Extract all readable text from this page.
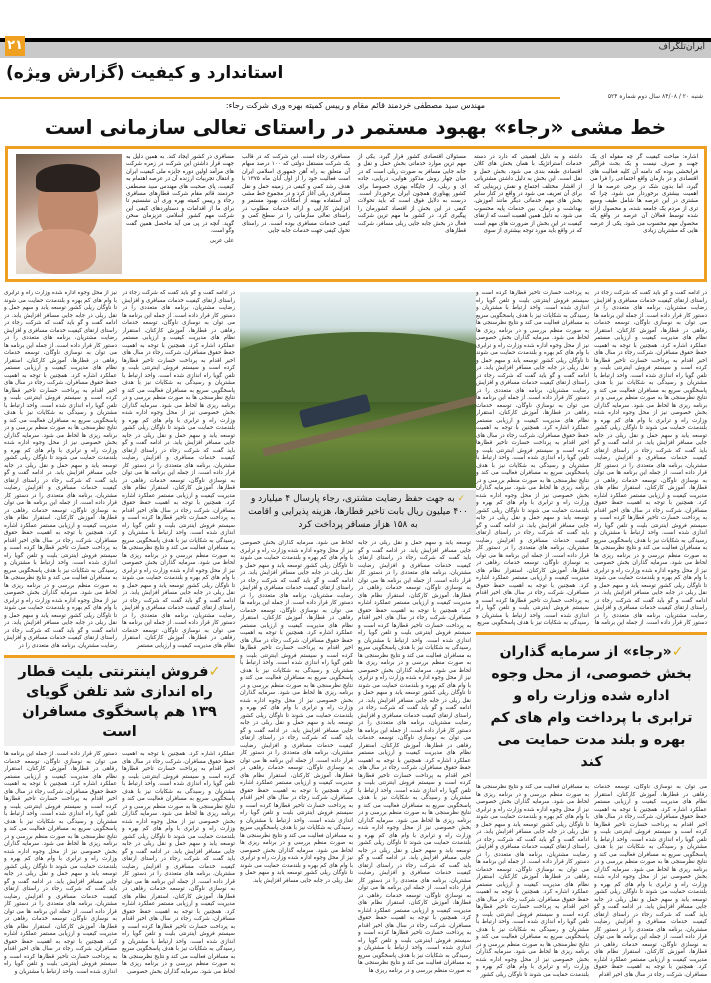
۲۱	ایران‌تلگراف
استاندارد و کیفیت (گزارش ویژه)
شنبه ۲۰ / ۸۴/۰۸ سال دوم شماره ۵۲۴
مهندس سید مصطفی خردمند قائم مقام و رییس کمیته بهره وری شرکت رجاء:
خط مشی «رجاء» بهبود مستمر در راستای تعالی سازمانی است
اشاره: مباحث کیفیت گر چه مقوله ای یک جهت و صرف نیست و یک بحث فراگیر فرابخشی بوده که دامنه آن کلیه فعالیت های اقتصادی و در بازمان واقع اجتماعی را فرا می گیرد، اما بدون شک در برخی عرصه ها از اهمیت بیشتری برخوردار می شود، چرا که مشتری در این عرصه ها شامل طیف وسیع تری از مردم یک جامعه شده، و محصول ارائه شده توسط فعالان آن عرصه در واقع یک محصول مهم محسوب می شود. یکی از عرصه هایی که مشتریان زیادی
داشته و به دلیل اهمیتی که دارد در دسته خدمات استراتژیک با همان بخش های کلان اقتصادی طبقه بندی می شود، بخش حمل و نقل است. این بخش به دلیل داشتن مشتریانی از اقشار مختلف اجتماع و نقش زیربنایی که برای آن تعریف می شود در واقع در کنار سایر بخش های مهم خدماتی دیگر مانند آموزش، بهداشت و درمان، بین خدمات پایه محسوب می شود. به دلیل همین اهمیت است که ارتقای کیفیت در این بخش از ضرورت های مهم است که در واقع باید مورد توجه بیشتری از سوی
مسئولان اقتصادی کشور قرار گیرد. یکی از مهم ترین موارد خدماتی بخش حمل و نقل و جابه جایی مسافر به صورت ریلی است که در میان چهار روش مذکور هوایی، دریایی، جاده ای و ریلی، از جایگاه بهتری خصوصا برای کشور پهناوری همچون ایران برخوردار است. درست به دلایل فوق است که باید تحولات کیفی در این بخش از اقتصاد کشورمان را پیگیری کرد. در کشور ما مهم ترین شرکت فعال در بخش جابه جایی ریلی مسافر، شرکت قطارهای
مسافری رجاء است. این شرکت که در قالب یک شرکت مستقل دولتی که ۱۰۰ درصد سهام آن متعلق به راه آهن جمهوری اسلامی ایران است فعالیت خود را از اول آبان ماه ۱۳۷۵ با هدف رشد کمی و کیفی در زمینه حمل و نقل مسافری ریلی آغاز کرد و در مجموع خط مشی آن استفاده بهینه از امکانات، بهبود مستمر و افزایش کارایی و ارائه خدمات مطلوب در راستای تعالی سازمانی را در سطح کمی و کیفی خدمات مسافری بوده است. در راستای تحول کیفی جهت خدمات جابه جایی
مسافری در کشور ایجاد کند. به همین دلیل به جهت قرار داشتن این شرکت در زمره شرکت های مرآمد اولین دوره جایزه ملی کیفیت ایران و انتقال تجربیات ارزنده آن در عرصه اهتمام به کیفیت، پای صحبت های مهندس سید مصطفی خردمند قائم مقام شرکت قطارهای مسافری رجاء و رییس کمیته بهره وری آن نشستیم تا برای ما از اقدامات و دستاوردهای کیفی این شرکت مهم کشور اسلامی عزیزمان سخن گوید. آنچه در پی می آید ماحصل همین گفت وگو است.
علی عربی
✓ به جهت حفظ رضایت مشتری، رجاء پارسال ۴ میلیارد و ۴۰۰ میلیون ریال بابت تاخیر قطارها، هزینه پذیرایی و اقامت به ۱۵۸ هزار مسافر پرداخت کرد
✓فروش اینترنتی بلیت قطار راه اندازی شد تلفن گویای ۱۳۹ هم پاسخگوی مسافران است
✓«رجاء» از سرمایه گذاران بخش خصوصی، از محل وجوه اداره شده وزارت راه و ترابری با پرداخت وام های کم بهره و بلند مدت حمایت می کند
در ادامه گفت و گو باید گفت که شرکت رجاء در راستای ارتقای کیفیت خدمات مسافری و افزایش رضایت مشتریان، برنامه های متعددی را در دستور کار قرار داده است. از جمله این برنامه ها می توان به نوسازی ناوگان، توسعه خدمات رفاهی در قطارها، آموزش کارکنان، استقرار نظام های مدیریت کیفیت و ارزیابی مستمر عملکرد اشاره کرد. همچنین با توجه به اهمیت حفظ حقوق مسافران، شرکت رجاء در سال های اخیر اقدام به پرداخت خسارت تاخیر قطارها کرده است و سیستم فروش اینترنتی بلیت و تلفن گویا راه اندازی شده است. واحد ارتباط با مشتریان و رسیدگی به شکایات نیز با هدف پاسخگویی سریع به مسافران فعالیت می کند و نتایج نظرسنجی ها به صورت منظم بررسی و در برنامه ریزی ها لحاظ می شود. سرمایه گذاران بخش خصوصی نیز از محل وجوه اداره شده وزارت راه و ترابری با وام های کم بهره و بلندمدت حمایت می شوند تا ناوگان ریلی کشور توسعه یابد و سهم حمل و نقل ریلی در جابه جایی مسافر افزایش یابد. در ادامه گفت و گو باید گفت که شرکت رجاء در راستای ارتقای کیفیت خدمات مسافری و افزایش رضایت مشتریان، برنامه های متعددی را در دستور کار قرار داده است. از جمله این برنامه ها می توان به نوسازی ناوگان، توسعه خدمات رفاهی در قطارها، آموزش کارکنان، استقرار نظام های مدیریت کیفیت و ارزیابی مستمر عملکرد اشاره کرد. همچنین با توجه به اهمیت حفظ حقوق مسافران، شرکت رجاء در سال های اخیر اقدام به پرداخت خسارت تاخیر قطارها کرده است و سیستم فروش اینترنتی بلیت و تلفن گویا راه اندازی شده است. واحد ارتباط با مشتریان و رسیدگی به شکایات نیز با هدف پاسخگویی سریع به مسافران فعالیت می کند و نتایج نظرسنجی ها به صورت منظم بررسی و در برنامه ریزی ها لحاظ می شود. سرمایه گذاران بخش خصوصی نیز از محل وجوه اداره شده وزارت راه و ترابری با وام های کم بهره و بلندمدت حمایت می شوند تا ناوگان ریلی کشور توسعه یابد و سهم حمل و نقل ریلی در جابه جایی مسافر افزایش یابد. در ادامه گفت و گو باید گفت که شرکت رجاء در راستای ارتقای کیفیت خدمات مسافری و افزایش رضایت مشتریان، برنامه های متعددی را در دستور کار قرار داده است. از جمله این برنامه ها
می توان به نوسازی ناوگان، توسعه خدمات رفاهی در قطارها، آموزش کارکنان، استقرار نظام های مدیریت کیفیت و ارزیابی مستمر عملکرد اشاره کرد. همچنین با توجه به اهمیت حفظ حقوق مسافران، شرکت رجاء در سال های اخیر اقدام به پرداخت خسارت تاخیر قطارها کرده است و سیستم فروش اینترنتی بلیت و تلفن گویا راه اندازی شده است. واحد ارتباط با مشتریان و رسیدگی به شکایات نیز با هدف پاسخگویی سریع به مسافران فعالیت می کند و نتایج نظرسنجی ها به صورت منظم بررسی و در برنامه ریزی ها لحاظ می شود. سرمایه گذاران بخش خصوصی نیز از محل وجوه اداره شده وزارت راه و ترابری با وام های کم بهره و بلندمدت حمایت می شوند تا ناوگان ریلی کشور توسعه یابد و سهم حمل و نقل ریلی در جابه جایی مسافر افزایش یابد. در ادامه گفت و گو باید گفت که شرکت رجاء در راستای ارتقای کیفیت خدمات مسافری و افزایش رضایت مشتریان، برنامه های متعددی را در دستور کار قرار داده است. از جمله این برنامه ها می توان به نوسازی ناوگان، توسعه خدمات رفاهی در قطارها، آموزش کارکنان، استقرار نظام های مدیریت کیفیت و ارزیابی مستمر عملکرد اشاره کرد. همچنین با توجه به اهمیت حفظ حقوق مسافران، شرکت رجاء در سال های اخیر اقدام
به پرداخت خسارت تاخیر قطارها کرده است و سیستم فروش اینترنتی بلیت و تلفن گویا راه اندازی شده است. واحد ارتباط با مشتریان و رسیدگی به شکایات نیز با هدف پاسخگویی سریع به مسافران فعالیت می کند و نتایج نظرسنجی ها به صورت منظم بررسی و در برنامه ریزی ها لحاظ می شود. سرمایه گذاران بخش خصوصی نیز از محل وجوه اداره شده وزارت راه و ترابری با وام های کم بهره و بلندمدت حمایت می شوند تا ناوگان ریلی کشور توسعه یابد و سهم حمل و نقل ریلی در جابه جایی مسافر افزایش یابد. در ادامه گفت و گو باید گفت که شرکت رجاء در راستای ارتقای کیفیت خدمات مسافری و افزایش رضایت مشتریان، برنامه های متعددی را در دستور کار قرار داده است. از جمله این برنامه ها می توان به نوسازی ناوگان، توسعه خدمات رفاهی در قطارها، آموزش کارکنان، استقرار نظام های مدیریت کیفیت و ارزیابی مستمر عملکرد اشاره کرد. همچنین با توجه به اهمیت حفظ حقوق مسافران، شرکت رجاء در سال های اخیر اقدام به پرداخت خسارت تاخیر قطارها کرده است و سیستم فروش اینترنتی بلیت و تلفن گویا راه اندازی شده است. واحد ارتباط با مشتریان و رسیدگی به شکایات نیز با هدف پاسخگویی سریع به مسافران فعالیت می کند و نتایج نظرسنجی ها به صورت منظم بررسی و در برنامه ریزی ها لحاظ می شود. سرمایه گذاران بخش خصوصی نیز از محل وجوه اداره شده وزارت راه و ترابری با وام های کم بهره و بلندمدت حمایت می شوند تا ناوگان ریلی کشور توسعه یابد و سهم حمل و نقل ریلی در جابه جایی مسافر افزایش یابد. در ادامه گفت و گو باید گفت که شرکت رجاء در راستای ارتقای کیفیت خدمات مسافری و افزایش رضایت مشتریان، برنامه های متعددی را در دستور کار قرار داده است. از جمله این برنامه ها می توان به نوسازی ناوگان، توسعه خدمات رفاهی در قطارها، آموزش کارکنان، استقرار نظام های مدیریت کیفیت و ارزیابی مستمر عملکرد اشاره کرد. همچنین با توجه به اهمیت حفظ حقوق مسافران، شرکت رجاء در سال های اخیر اقدام به پرداخت خسارت تاخیر قطارها کرده است و سیستم فروش اینترنتی بلیت و تلفن گویا راه اندازی شده است. واحد ارتباط با مشتریان و رسیدگی به شکایات نیز با هدف پاسخگویی سریع
به مسافران فعالیت می کند و نتایج نظرسنجی ها به صورت منظم بررسی و در برنامه ریزی ها لحاظ می شود. سرمایه گذاران بخش خصوصی نیز از محل وجوه اداره شده وزارت راه و ترابری با وام های کم بهره و بلندمدت حمایت می شوند تا ناوگان ریلی کشور توسعه یابد و سهم حمل و نقل ریلی در جابه جایی مسافر افزایش یابد. در ادامه گفت و گو باید گفت که شرکت رجاء در راستای ارتقای کیفیت خدمات مسافری و افزایش رضایت مشتریان، برنامه های متعددی را در دستور کار قرار داده است. از جمله این برنامه ها می توان به نوسازی ناوگان، توسعه خدمات رفاهی در قطارها، آموزش کارکنان، استقرار نظام های مدیریت کیفیت و ارزیابی مستمر عملکرد اشاره کرد. همچنین با توجه به اهمیت حفظ حقوق مسافران، شرکت رجاء در سال های اخیر اقدام به پرداخت خسارت تاخیر قطارها کرده است و سیستم فروش اینترنتی بلیت و تلفن گویا راه اندازی شده است. واحد ارتباط با مشتریان و رسیدگی به شکایات نیز با هدف پاسخگویی سریع به مسافران فعالیت می کند و نتایج نظرسنجی ها به صورت منظم بررسی و در برنامه ریزی ها لحاظ می شود. سرمایه گذاران بخش خصوصی نیز از محل وجوه اداره شده وزارت راه و ترابری با وام های کم بهره و بلندمدت حمایت می شوند تا ناوگان ریلی کشور
توسعه یابد و سهم حمل و نقل ریلی در جابه جایی مسافر افزایش یابد. در ادامه گفت و گو باید گفت که شرکت رجاء در راستای ارتقای کیفیت خدمات مسافری و افزایش رضایت مشتریان، برنامه های متعددی را در دستور کار قرار داده است. از جمله این برنامه ها می توان به نوسازی ناوگان، توسعه خدمات رفاهی در قطارها، آموزش کارکنان، استقرار نظام های مدیریت کیفیت و ارزیابی مستمر عملکرد اشاره کرد. همچنین با توجه به اهمیت حفظ حقوق مسافران، شرکت رجاء در سال های اخیر اقدام به پرداخت خسارت تاخیر قطارها کرده است و سیستم فروش اینترنتی بلیت و تلفن گویا راه اندازی شده است. واحد ارتباط با مشتریان و رسیدگی به شکایات نیز با هدف پاسخگویی سریع به مسافران فعالیت می کند و نتایج نظرسنجی ها به صورت منظم بررسی و در برنامه ریزی ها لحاظ می شود. سرمایه گذاران بخش خصوصی نیز از محل وجوه اداره شده وزارت راه و ترابری با وام های کم بهره و بلندمدت حمایت می شوند تا ناوگان ریلی کشور توسعه یابد و سهم حمل و نقل ریلی در جابه جایی مسافر افزایش یابد. در ادامه گفت و گو باید گفت که شرکت رجاء در راستای ارتقای کیفیت خدمات مسافری و افزایش رضایت مشتریان، برنامه های متعددی را در دستور کار قرار داده است. از جمله این برنامه ها می توان به نوسازی ناوگان، توسعه خدمات رفاهی در قطارها، آموزش کارکنان، استقرار نظام های مدیریت کیفیت و ارزیابی مستمر عملکرد اشاره کرد. همچنین با توجه به اهمیت حفظ حقوق مسافران، شرکت رجاء در سال های اخیر اقدام به پرداخت خسارت تاخیر قطارها کرده است و سیستم فروش اینترنتی بلیت و تلفن گویا راه اندازی شده است. واحد ارتباط با مشتریان و رسیدگی به شکایات نیز با هدف پاسخگویی سریع به مسافران فعالیت می کند و نتایج نظرسنجی ها به صورت منظم بررسی و در برنامه ریزی ها لحاظ می شود. سرمایه گذاران بخش خصوصی نیز از محل وجوه اداره شده وزارت راه و ترابری با وام های کم بهره و بلندمدت حمایت می شوند تا ناوگان ریلی کشور توسعه یابد و سهم حمل و نقل ریلی در جابه جایی مسافر افزایش یابد. در ادامه گفت و گو باید گفت که شرکت رجاء در راستای ارتقای کیفیت خدمات مسافری و افزایش رضایت مشتریان، برنامه های متعددی را در دستور کار قرار داده است. از جمله این برنامه ها می توان به نوسازی ناوگان، توسعه خدمات رفاهی در قطارها، آموزش کارکنان، استقرار نظام های مدیریت کیفیت و ارزیابی مستمر عملکرد اشاره کرد. همچنین با توجه به اهمیت حفظ حقوق مسافران، شرکت رجاء در سال های اخیر اقدام به پرداخت خسارت تاخیر قطارها کرده است و سیستم فروش اینترنتی بلیت و تلفن گویا راه اندازی شده است. واحد ارتباط با مشتریان و رسیدگی به شکایات نیز با هدف پاسخگویی سریع به مسافران فعالیت می کند و نتایج نظرسنجی ها به صورت منظم بررسی و در برنامه ریزی ها
لحاظ می شود. سرمایه گذاران بخش خصوصی نیز از محل وجوه اداره شده وزارت راه و ترابری با وام های کم بهره و بلندمدت حمایت می شوند تا ناوگان ریلی کشور توسعه یابد و سهم حمل و نقل ریلی در جابه جایی مسافر افزایش یابد. در ادامه گفت و گو باید گفت که شرکت رجاء در راستای ارتقای کیفیت خدمات مسافری و افزایش رضایت مشتریان، برنامه های متعددی را در دستور کار قرار داده است. از جمله این برنامه ها می توان به نوسازی ناوگان، توسعه خدمات رفاهی در قطارها، آموزش کارکنان، استقرار نظام های مدیریت کیفیت و ارزیابی مستمر عملکرد اشاره کرد. همچنین با توجه به اهمیت حفظ حقوق مسافران، شرکت رجاء در سال های اخیر اقدام به پرداخت خسارت تاخیر قطارها کرده است و سیستم فروش اینترنتی بلیت و تلفن گویا راه اندازی شده است. واحد ارتباط با مشتریان و رسیدگی به شکایات نیز با هدف پاسخگویی سریع به مسافران فعالیت می کند و نتایج نظرسنجی ها به صورت منظم بررسی و در برنامه ریزی ها لحاظ می شود. سرمایه گذاران بخش خصوصی نیز از محل وجوه اداره شده وزارت راه و ترابری با وام های کم بهره و بلندمدت حمایت می شوند تا ناوگان ریلی کشور توسعه یابد و سهم حمل و نقل ریلی در جابه جایی مسافر افزایش یابد. در ادامه گفت و گو باید گفت که شرکت رجاء در راستای ارتقای کیفیت خدمات مسافری و افزایش رضایت مشتریان، برنامه های متعددی را در دستور کار قرار داده است. از جمله این برنامه ها می توان به نوسازی ناوگان، توسعه خدمات رفاهی در قطارها، آموزش کارکنان، استقرار نظام های مدیریت کیفیت و ارزیابی مستمر عملکرد اشاره کرد. همچنین با توجه به اهمیت حفظ حقوق مسافران، شرکت رجاء در سال های اخیر اقدام به پرداخت خسارت تاخیر قطارها کرده است و سیستم فروش اینترنتی بلیت و تلفن گویا راه اندازی شده است. واحد ارتباط با مشتریان و رسیدگی به شکایات نیز با هدف پاسخگویی سریع به مسافران فعالیت می کند و نتایج نظرسنجی ها به صورت منظم بررسی و در برنامه ریزی ها لحاظ می شود. سرمایه گذاران بخش خصوصی نیز از محل وجوه اداره شده وزارت راه و ترابری با وام های کم بهره و بلندمدت حمایت می شوند تا ناوگان ریلی کشور توسعه یابد و سهم حمل و نقل ریلی در جابه جایی مسافر افزایش یابد.
در ادامه گفت و گو باید گفت که شرکت رجاء در راستای ارتقای کیفیت خدمات مسافری و افزایش رضایت مشتریان، برنامه های متعددی را در دستور کار قرار داده است. از جمله این برنامه ها می توان به نوسازی ناوگان، توسعه خدمات رفاهی در قطارها، آموزش کارکنان، استقرار نظام های مدیریت کیفیت و ارزیابی مستمر عملکرد اشاره کرد. همچنین با توجه به اهمیت حفظ حقوق مسافران، شرکت رجاء در سال های اخیر اقدام به پرداخت خسارت تاخیر قطارها کرده است و سیستم فروش اینترنتی بلیت و تلفن گویا راه اندازی شده است. واحد ارتباط با مشتریان و رسیدگی به شکایات نیز با هدف پاسخگویی سریع به مسافران فعالیت می کند و نتایج نظرسنجی ها به صورت منظم بررسی و در برنامه ریزی ها لحاظ می شود. سرمایه گذاران بخش خصوصی نیز از محل وجوه اداره شده وزارت راه و ترابری با وام های کم بهره و بلندمدت حمایت می شوند تا ناوگان ریلی کشور توسعه یابد و سهم حمل و نقل ریلی در جابه جایی مسافر افزایش یابد. در ادامه گفت و گو باید گفت که شرکت رجاء در راستای ارتقای کیفیت خدمات مسافری و افزایش رضایت مشتریان، برنامه های متعددی را در دستور کار قرار داده است. از جمله این برنامه ها می توان به نوسازی ناوگان، توسعه خدمات رفاهی در قطارها، آموزش کارکنان، استقرار نظام های مدیریت کیفیت و ارزیابی مستمر عملکرد اشاره کرد. همچنین با توجه به اهمیت حفظ حقوق مسافران، شرکت رجاء در سال های اخیر اقدام به پرداخت خسارت تاخیر قطارها کرده است و سیستم فروش اینترنتی بلیت و تلفن گویا راه اندازی شده است. واحد ارتباط با مشتریان و رسیدگی به شکایات نیز با هدف پاسخگویی سریع به مسافران فعالیت می کند و نتایج نظرسنجی ها به صورت منظم بررسی و در برنامه ریزی ها لحاظ می شود. سرمایه گذاران بخش خصوصی نیز از محل وجوه اداره شده وزارت راه و ترابری با وام های کم بهره و بلندمدت حمایت می شوند تا ناوگان ریلی کشور توسعه یابد و سهم حمل و نقل ریلی در جابه جایی مسافر افزایش یابد. در ادامه گفت و گو باید گفت که شرکت رجاء در راستای ارتقای کیفیت خدمات مسافری و افزایش رضایت مشتریان، برنامه های متعددی را در دستور کار قرار داده است. از جمله این برنامه ها می توان به نوسازی ناوگان، توسعه خدمات رفاهی در قطارها، آموزش کارکنان، استقرار نظام های مدیریت کیفیت و ارزیابی مستمر
عملکرد اشاره کرد. همچنین با توجه به اهمیت حفظ حقوق مسافران، شرکت رجاء در سال های اخیر اقدام به پرداخت خسارت تاخیر قطارها کرده است و سیستم فروش اینترنتی بلیت و تلفن گویا راه اندازی شده است. واحد ارتباط با مشتریان و رسیدگی به شکایات نیز با هدف پاسخگویی سریع به مسافران فعالیت می کند و نتایج نظرسنجی ها به صورت منظم بررسی و در برنامه ریزی ها لحاظ می شود. سرمایه گذاران بخش خصوصی نیز از محل وجوه اداره شده وزارت راه و ترابری با وام های کم بهره و بلندمدت حمایت می شوند تا ناوگان ریلی کشور توسعه یابد و سهم حمل و نقل ریلی در جابه جایی مسافر افزایش یابد. در ادامه گفت و گو باید گفت که شرکت رجاء در راستای ارتقای کیفیت خدمات مسافری و افزایش رضایت مشتریان، برنامه های متعددی را در دستور کار قرار داده است. از جمله این برنامه ها می توان به نوسازی ناوگان، توسعه خدمات رفاهی در قطارها، آموزش کارکنان، استقرار نظام های مدیریت کیفیت و ارزیابی مستمر عملکرد اشاره کرد. همچنین با توجه به اهمیت حفظ حقوق مسافران، شرکت رجاء در سال های اخیر اقدام به پرداخت خسارت تاخیر قطارها کرده است و سیستم فروش اینترنتی بلیت و تلفن گویا راه اندازی شده است. واحد ارتباط با مشتریان و رسیدگی به شکایات نیز با هدف پاسخگویی سریع به مسافران فعالیت می کند و نتایج نظرسنجی ها به صورت منظم بررسی و در برنامه ریزی ها لحاظ می شود. سرمایه گذاران بخش خصوصی
نیز از محل وجوه اداره شده وزارت راه و ترابری با وام های کم بهره و بلندمدت حمایت می شوند تا ناوگان ریلی کشور توسعه یابد و سهم حمل و نقل ریلی در جابه جایی مسافر افزایش یابد. در ادامه گفت و گو باید گفت که شرکت رجاء در راستای ارتقای کیفیت خدمات مسافری و افزایش رضایت مشتریان، برنامه های متعددی را در دستور کار قرار داده است. از جمله این برنامه ها می توان به نوسازی ناوگان، توسعه خدمات رفاهی در قطارها، آموزش کارکنان، استقرار نظام های مدیریت کیفیت و ارزیابی مستمر عملکرد اشاره کرد. همچنین با توجه به اهمیت حفظ حقوق مسافران، شرکت رجاء در سال های اخیر اقدام به پرداخت خسارت تاخیر قطارها کرده است و سیستم فروش اینترنتی بلیت و تلفن گویا راه اندازی شده است. واحد ارتباط با مشتریان و رسیدگی به شکایات نیز با هدف پاسخگویی سریع به مسافران فعالیت می کند و نتایج نظرسنجی ها به صورت منظم بررسی و در برنامه ریزی ها لحاظ می شود. سرمایه گذاران بخش خصوصی نیز از محل وجوه اداره شده وزارت راه و ترابری با وام های کم بهره و بلندمدت حمایت می شوند تا ناوگان ریلی کشور توسعه یابد و سهم حمل و نقل ریلی در جابه جایی مسافر افزایش یابد. در ادامه گفت و گو باید گفت که شرکت رجاء در راستای ارتقای کیفیت خدمات مسافری و افزایش رضایت مشتریان، برنامه های متعددی را در دستور کار قرار داده است. از جمله این برنامه ها می توان به نوسازی ناوگان، توسعه خدمات رفاهی در قطارها، آموزش کارکنان، استقرار نظام های مدیریت کیفیت و ارزیابی مستمر عملکرد اشاره کرد. همچنین با توجه به اهمیت حفظ حقوق مسافران، شرکت رجاء در سال های اخیر اقدام به پرداخت خسارت تاخیر قطارها کرده است و سیستم فروش اینترنتی بلیت و تلفن گویا راه اندازی شده است. واحد ارتباط با مشتریان و رسیدگی به شکایات نیز با هدف پاسخگویی سریع به مسافران فعالیت می کند و نتایج نظرسنجی ها به صورت منظم بررسی و در برنامه ریزی ها لحاظ می شود. سرمایه گذاران بخش خصوصی نیز از محل وجوه اداره شده وزارت راه و ترابری با وام های کم بهره و بلندمدت حمایت می شوند تا ناوگان ریلی کشور توسعه یابد و سهم حمل و نقل ریلی در جابه جایی مسافر افزایش یابد. در ادامه گفت و گو باید گفت که شرکت رجاء در راستای ارتقای کیفیت خدمات مسافری و افزایش رضایت مشتریان، برنامه های متعددی را در
دستور کار قرار داده است. از جمله این برنامه ها می توان به نوسازی ناوگان، توسعه خدمات رفاهی در قطارها، آموزش کارکنان، استقرار نظام های مدیریت کیفیت و ارزیابی مستمر عملکرد اشاره کرد. همچنین با توجه به اهمیت حفظ حقوق مسافران، شرکت رجاء در سال های اخیر اقدام به پرداخت خسارت تاخیر قطارها کرده است و سیستم فروش اینترنتی بلیت و تلفن گویا راه اندازی شده است. واحد ارتباط با مشتریان و رسیدگی به شکایات نیز با هدف پاسخگویی سریع به مسافران فعالیت می کند و نتایج نظرسنجی ها به صورت منظم بررسی و در برنامه ریزی ها لحاظ می شود. سرمایه گذاران بخش خصوصی نیز از محل وجوه اداره شده وزارت راه و ترابری با وام های کم بهره و بلندمدت حمایت می شوند تا ناوگان ریلی کشور توسعه یابد و سهم حمل و نقل ریلی در جابه جایی مسافر افزایش یابد. در ادامه گفت و گو باید گفت که شرکت رجاء در راستای ارتقای کیفیت خدمات مسافری و افزایش رضایت مشتریان، برنامه های متعددی را در دستور کار قرار داده است. از جمله این برنامه ها می توان به نوسازی ناوگان، توسعه خدمات رفاهی در قطارها، آموزش کارکنان، استقرار نظام های مدیریت کیفیت و ارزیابی مستمر عملکرد اشاره کرد. همچنین با توجه به اهمیت حفظ حقوق مسافران، شرکت رجاء در سال های اخیر اقدام به پرداخت خسارت تاخیر قطارها کرده است و سیستم فروش اینترنتی بلیت و تلفن گویا راه اندازی شده است. واحد ارتباط با مشتریان و
